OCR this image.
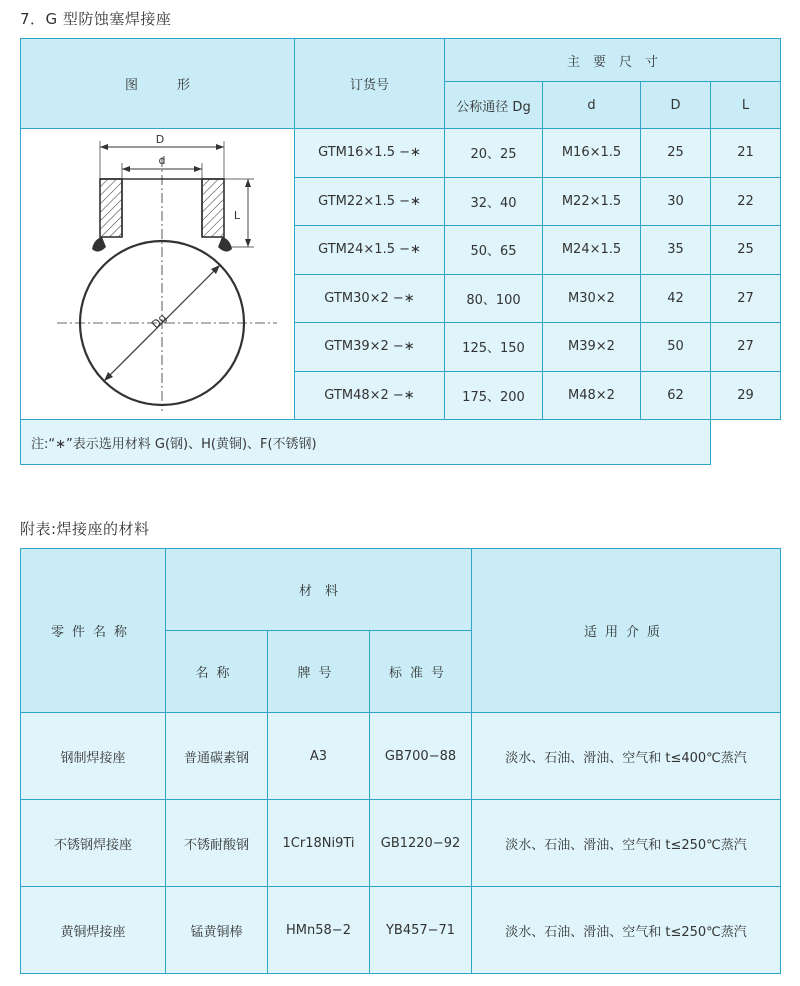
7．G 型防蚀塞焊接座
图　　　形	订货号	主　要　尺　寸			
		公称通径 Dg	d	D	L

D
d
L
Dg	GTM16×1.5 −∗	20、25	M16×1.5	25	21
	GTM22×1.5 −∗	32、40	M22×1.5	30	22
	GTM24×1.5 −∗	50、65	M24×1.5	35	25
	GTM30×2 −∗	80、100	M30×2	42	27
	GTM39×2 −∗	125、150	M39×2	50	27
	GTM48×2 −∗	175、200	M48×2	62	29
注:“∗”表示选用材料 G(钢)、H(黄铜)、F(不锈钢)					
附表:焊接座的材料
零件名称	材　料			适用介质
	名称	牌号	标准号	
钢制焊接座	普通碳素钢	A3	GB700−88	淡水、石油、滑油、空气和 t≤400℃蒸汽
不锈钢焊接座	不锈耐酸钢	1Cr18Ni9Ti	GB1220−92	淡水、石油、滑油、空气和 t≤250℃蒸汽
黄铜焊接座	锰黄铜棒	HMn58−2	YB457−71	淡水、石油、滑油、空气和 t≤250℃蒸汽
